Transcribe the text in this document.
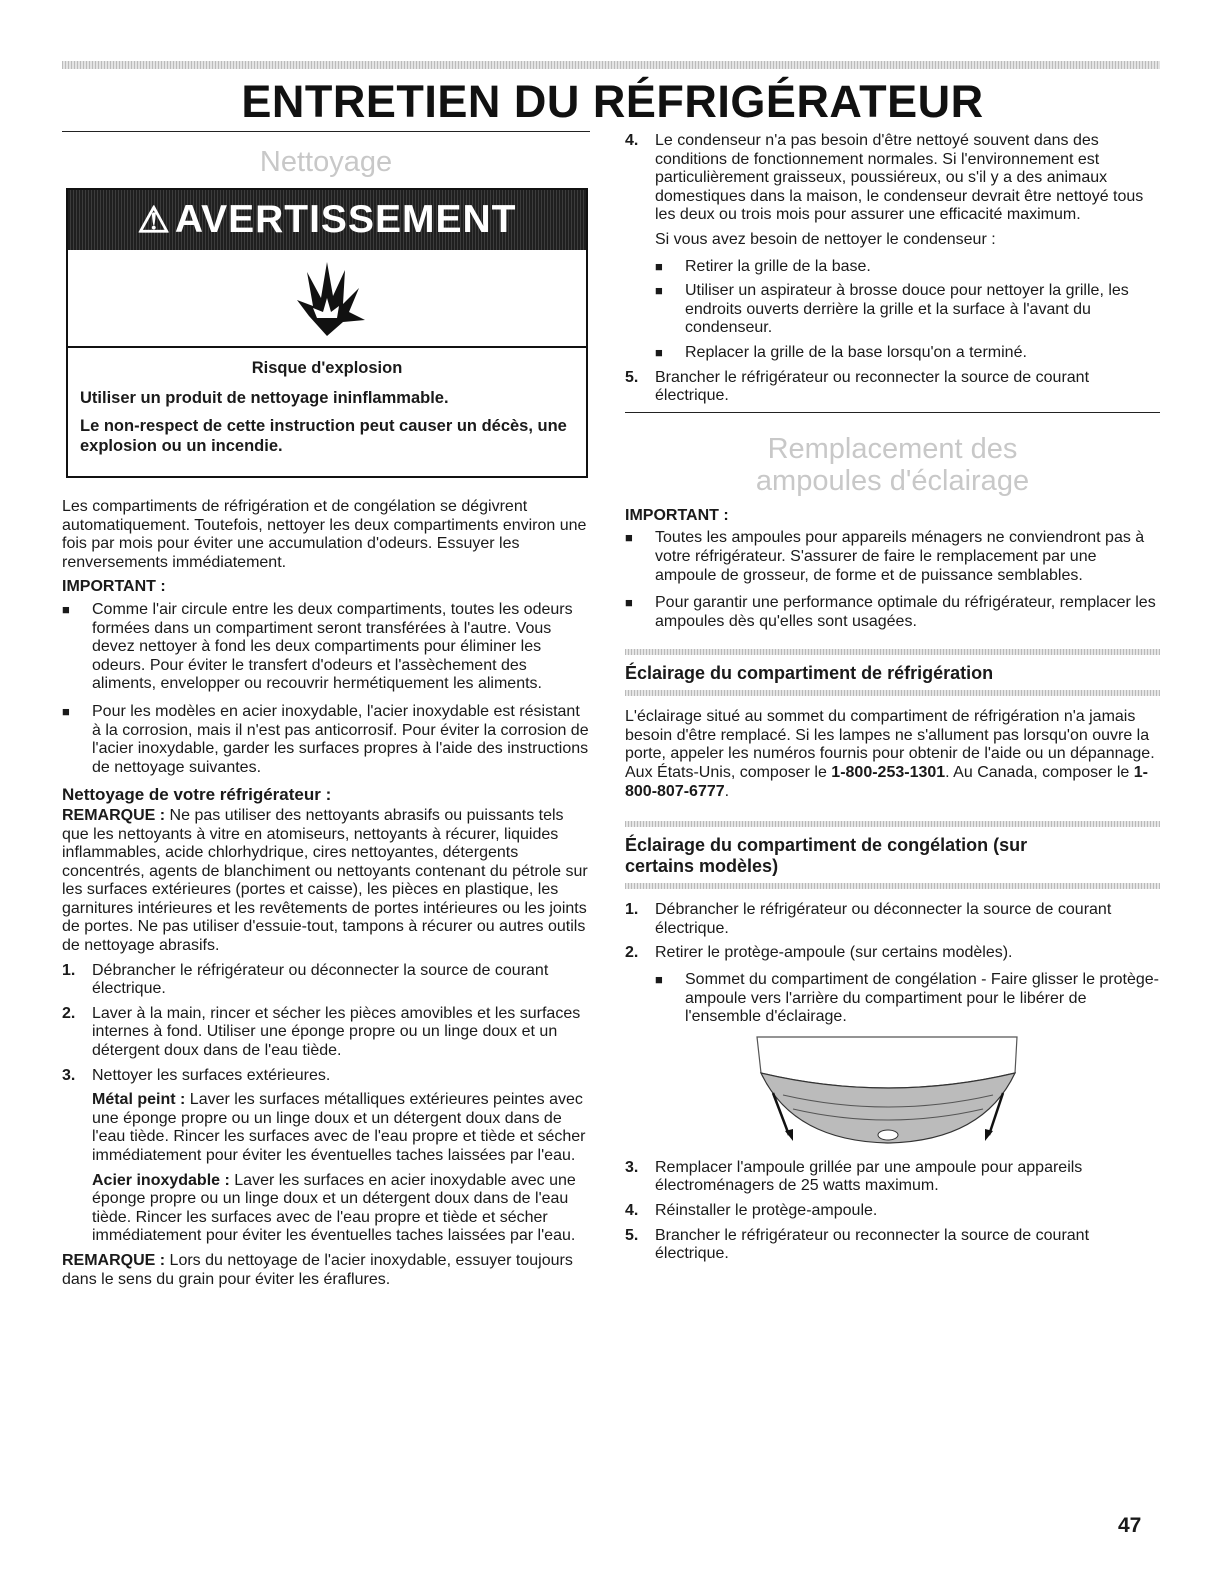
ENTRETIEN DU RÉFRIGÉRATEUR
Nettoyage
⚠ AVERTISSEMENT
Risque d'explosion

Utiliser un produit de nettoyage ininflammable.

Le non-respect de cette instruction peut causer un décès, une explosion ou un incendie.

Les compartiments de réfrigération et de congélation se dégivrent automatiquement. Toutefois, nettoyer les deux compartiments environ une fois par mois pour éviter une accumulation d'odeurs. Essuyer les renversements immédiatement.

IMPORTANT :
■ Comme l'air circule entre les deux compartiments, toutes les odeurs formées dans un compartiment seront transférées à l'autre. Vous devez nettoyer à fond les deux compartiments pour éliminer les odeurs. Pour éviter le transfert d'odeurs et l'assèchement des aliments, envelopper ou recouvrir hermétiquement les aliments.
■ Pour les modèles en acier inoxydable, l'acier inoxydable est résistant à la corrosion, mais il n'est pas anticorrosif. Pour éviter la corrosion de l'acier inoxydable, garder les surfaces propres à l'aide des instructions de nettoyage suivantes.
Nettoyage de votre réfrigérateur :

REMARQUE : Ne pas utiliser des nettoyants abrasifs ou puissants tels que les nettoyants à vitre en atomiseurs, nettoyants à récurer, liquides inflammables, acide chlorhydrique, cires nettoyantes, détergents concentrés, agents de blanchiment ou nettoyants contenant du pétrole sur les surfaces extérieures (portes et caisse), les pièces en plastique, les garnitures intérieures et les revêtements de portes intérieures ou les joints de portes. Ne pas utiliser d'essuie-tout, tampons à récurer ou autres outils de nettoyage abrasifs.

1. Débrancher le réfrigérateur ou déconnecter la source de courant électrique.
2. Laver à la main, rincer et sécher les pièces amovibles et les surfaces internes à fond. Utiliser une éponge propre ou un linge doux et un détergent doux dans de l'eau tiède.
3. Nettoyer les surfaces extérieures.

Métal peint : Laver les surfaces métalliques extérieures peintes avec une éponge propre ou un linge doux et un détergent doux dans de l'eau tiède. Rincer les surfaces avec de l'eau propre et tiède et sécher immédiatement pour éviter les éventuelles taches laissées par l'eau.

Acier inoxydable : Laver les surfaces en acier inoxydable avec une éponge propre ou un linge doux et un détergent doux dans de l'eau tiède. Rincer les surfaces avec de l'eau propre et tiède et sécher immédiatement pour éviter les éventuelles taches laissées par l'eau.

REMARQUE : Lors du nettoyage de l'acier inoxydable, essuyer toujours dans le sens du grain pour éviter les éraflures.

4. Le condenseur n'a pas besoin d'être nettoyé souvent dans des conditions de fonctionnement normales. Si l'environnement est particulièrement graisseux, poussiéreux, ou s'il y a des animaux domestiques dans la maison, le condenseur devrait être nettoyé tous les deux ou trois mois pour assurer une efficacité maximum.

Si vous avez besoin de nettoyer le condenseur :

■ Retirer la grille de la base.
■ Utiliser un aspirateur à brosse douce pour nettoyer la grille, les endroits ouverts derrière la grille et la surface à l'avant du condenseur.
■ Replacer la grille de la base lorsqu'on a terminé.
5. Brancher le réfrigérateur ou reconnecter la source de courant électrique.
Remplacement des ampoules d'éclairage
IMPORTANT :
■ Toutes les ampoules pour appareils ménagers ne conviendront pas à votre réfrigérateur. S'assurer de faire le remplacement par une ampoule de grosseur, de forme et de puissance semblables.
■ Pour garantir une performance optimale du réfrigérateur, remplacer les ampoules dès qu'elles sont usagées.
Éclairage du compartiment de réfrigération

L'éclairage situé au sommet du compartiment de réfrigération n'a jamais besoin d'être remplacé. Si les lampes ne s'allument pas lorsqu'on ouvre la porte, appeler les numéros fournis pour obtenir de l'aide ou un dépannage. Aux États-Unis, composer le 1-800-253-1301. Au Canada, composer le 1-800-807-6777.

Éclairage du compartiment de congélation (sur certains modèles)
1. Débrancher le réfrigérateur ou déconnecter la source de courant électrique.
2. Retirer le protège-ampoule (sur certains modèles).
■ Sommet du compartiment de congélation - Faire glisser le protège-ampoule vers l'arrière du compartiment pour le libérer de l'ensemble d'éclairage.
3. Remplacer l'ampoule grillée par une ampoule pour appareils électroménagers de 25 watts maximum.
4. Réinstaller le protège-ampoule.
5. Brancher le réfrigérateur ou reconnecter la source de courant électrique.
47
